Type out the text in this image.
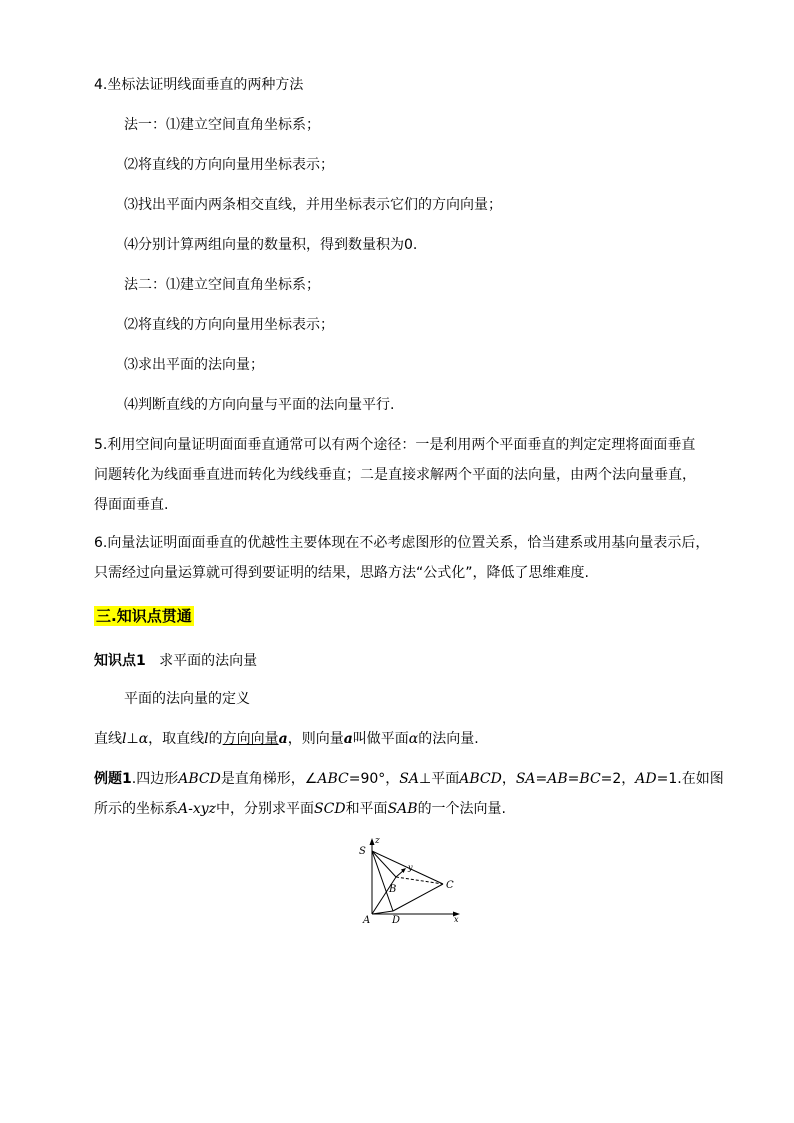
4.坐标法证明线面垂直的两种方法
法一：⑴建立空间直角坐标系；
⑵将直线的方向向量用坐标表示；
⑶找出平面内两条相交直线，并用坐标表示它们的方向向量；
⑷分别计算两组向量的数量积，得到数量积为0.
法二：⑴建立空间直角坐标系；
⑵将直线的方向向量用坐标表示；
⑶求出平面的法向量；
⑷判断直线的方向向量与平面的法向量平行.
5.利用空间向量证明面面垂直通常可以有两个途径：一是利用两个平面垂直的判定定理将面面垂直
问题转化为线面垂直进而转化为线线垂直；二是直接求解两个平面的法向量，由两个法向量垂直，
得面面垂直.
6.向量法证明面面垂直的优越性主要体现在不必考虑图形的位置关系，恰当建系或用基向量表示后，
只需经过向量运算就可得到要证明的结果，思路方法“公式化”，降低了思维难度.
三.知识点贯通
知识点1 求平面的法向量
平面的法向量的定义
直线l⊥α，取直线l的方向向量a，则向量a叫做平面α的法向量.
例题1.四边形ABCD是直角梯形，∠ABC=90°，SA⊥平面ABCD，SA=AB=BC=2，AD=1.在如图
所示的坐标系A-xyz中，分别求平面SCD和平面SAB的一个法向量.
S
z
y
B	C
A D	x
